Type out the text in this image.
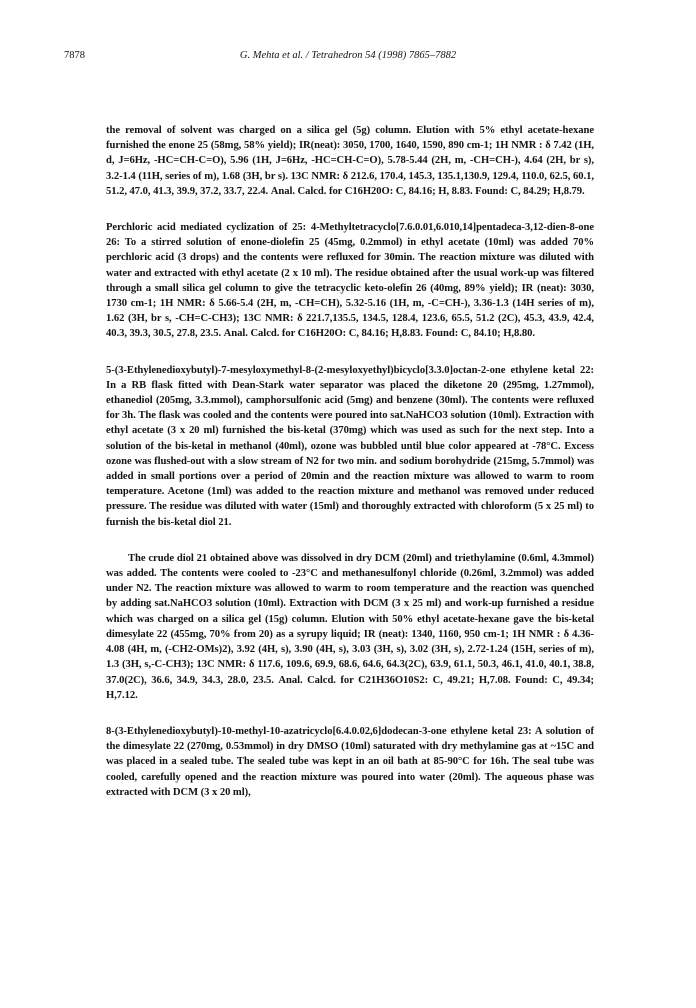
7878	G. Mehta et al. / Tetrahedron 54 (1998) 7865–7882

the removal of solvent was charged on a silica gel (5g) column. Elution with 5% ethyl acetate-hexane furnished the enone 25 (58mg, 58% yield); IR(neat): 3050, 1700, 1640, 1590, 890 cm-1; 1H NMR : δ 7.42 (1H, d, J=6Hz, -HC=CH-C=O), 5.96 (1H, J=6Hz, -HC=CH-C=O), 5.78-5.44 (2H, m, -CH=CH-), 4.64 (2H, br s), 3.2-1.4 (11H, series of m), 1.68 (3H, br s). 13C NMR: δ 212.6, 170.4, 145.3, 135.1,130.9, 129.4, 110.0, 62.5, 60.1, 51.2, 47.0, 41.3, 39.9, 37.2, 33.7, 22.4. Anal. Calcd. for C16H20O: C, 84.16; H, 8.83. Found: C, 84.29; H,8.79.

Perchloric acid mediated cyclization of 25: 4-Methyltetracyclo[7.6.0.01,6.010,14]pentadeca-3,12-dien-8-one 26: To a stirred solution of enone-diolefin 25 (45mg, 0.2mmol) in ethyl acetate (10ml) was added 70% perchloric acid (3 drops) and the contents were refluxed for 30min. The reaction mixture was diluted with water and extracted with ethyl acetate (2 x 10 ml). The residue obtained after the usual work-up was filtered through a small silica gel column to give the tetracyclic keto-olefin 26 (40mg, 89% yield); IR (neat): 3030, 1730 cm-1; 1H NMR: δ 5.66-5.4 (2H, m, -CH=CH), 5.32-5.16 (1H, m, -C=CH-), 3.36-1.3 (14H series of m), 1.62 (3H, br s, -CH=C-CH3); 13C NMR: δ 221.7,135.5, 134.5, 128.4, 123.6, 65.5, 51.2 (2C), 45.3, 43.9, 42.4, 40.3, 39.3, 30.5, 27.8, 23.5. Anal. Calcd. for C16H20O: C, 84.16; H,8.83. Found: C, 84.10; H,8.80.

5-(3-Ethylenedioxybutyl)-7-mesyloxymethyl-8-(2-mesyloxyethyl)bicyclo[3.3.0]octan-2-one ethylene ketal 22: In a RB flask fitted with Dean-Stark water separator was placed the diketone 20 (295mg, 1.27mmol), ethanediol (205mg, 3.3.mmol), camphorsulfonic acid (5mg) and benzene (30ml). The contents were refluxed for 3h. The flask was cooled and the contents were poured into sat.NaHCO3 solution (10ml). Extraction with ethyl acetate (3 x 20 ml) furnished the bis-ketal (370mg) which was used as such for the next step. Into a solution of the bis-ketal in methanol (40ml), ozone was bubbled until blue color appeared at -78°C. Excess ozone was flushed-out with a slow stream of N2 for two min. and sodium borohydride (215mg, 5.7mmol) was added in small portions over a period of 20min and the reaction mixture was allowed to warm to room temperature. Acetone (1ml) was added to the reaction mixture and methanol was removed under reduced pressure. The residue was diluted with water (15ml) and thoroughly extracted with chloroform (5 x 25 ml) to furnish the bis-ketal diol 21.

The crude diol 21 obtained above was dissolved in dry DCM (20ml) and triethylamine (0.6ml, 4.3mmol) was added. The contents were cooled to -23°C and methanesulfonyl chloride (0.26ml, 3.2mmol) was added under N2. The reaction mixture was allowed to warm to room temperature and the reaction was quenched by adding sat.NaHCO3 solution (10ml). Extraction with DCM (3 x 25 ml) and work-up furnished a residue which was charged on a silica gel (15g) column. Elution with 50% ethyl acetate-hexane gave the bis-ketal dimesylate 22 (455mg, 70% from 20) as a syrupy liquid; IR (neat): 1340, 1160, 950 cm-1; 1H NMR : δ 4.36-4.08 (4H, m, (-CH2-OMs)2), 3.92 (4H, s), 3.90 (4H, s), 3.03 (3H, s), 3.02 (3H, s), 2.72-1.24 (15H, series of m), 1.3 (3H, s,-C-CH3); 13C NMR: δ 117.6, 109.6, 69.9, 68.6, 64.6, 64.3(2C), 63.9, 61.1, 50.3, 46.1, 41.0, 40.1, 38.8, 37.0(2C), 36.6, 34.9, 34.3, 28.0, 23.5. Anal. Calcd. for C21H36O10S2: C, 49.21; H,7.08. Found: C, 49.34; H,7.12.

8-(3-Ethylenedioxybutyl)-10-methyl-10-azatricyclo[6.4.0.02,6]dodecan-3-one ethylene ketal 23: A solution of the dimesylate 22 (270mg, 0.53mmol) in dry DMSO (10ml) saturated with dry methylamine gas at ~15C and was placed in a sealed tube. The sealed tube was kept in an oil bath at 85-90°C for 16h. The seal tube was cooled, carefully opened and the reaction mixture was poured into water (20ml). The aqueous phase was extracted with DCM (3 x 20 ml),
